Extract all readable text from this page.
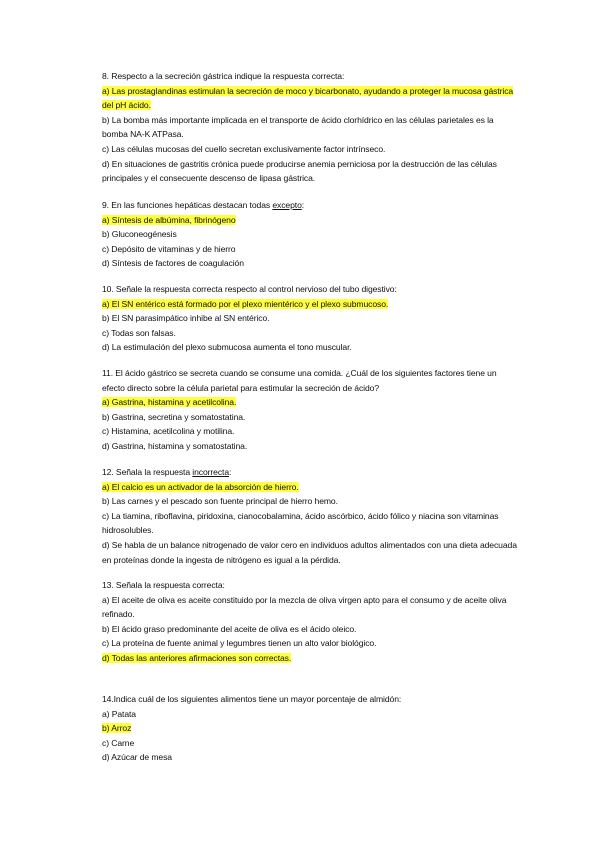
8. Respecto a la secreción gástrica indique la respuesta correcta:

a) Las prostaglandinas estimulan la secreción de moco y bicarbonato, ayudando a proteger la mucosa gástrica del pH ácido.

b) La bomba más importante implicada en el transporte de ácido clorhídrico en las células parietales es la bomba NA-K ATPasa.

c) Las células mucosas del cuello secretan exclusivamente factor intrínseco.

d) En situaciones de gastritis crónica puede producirse anemia perniciosa por la destrucción de las células principales y el consecuente descenso de lipasa gástrica.

9. En las funciones hepáticas destacan todas excepto:

a) Síntesis de albúmina, fibrinógeno

b) Gluconeogénesis

c) Depósito de vitaminas y de hierro

d) Síntesis de factores de coagulación

10. Señale la respuesta correcta respecto al control nervioso del tubo digestivo:

a) El SN entérico está formado por el plexo mientérico y el plexo submucoso.

b) El SN parasimpático inhibe al SN entérico.

c) Todas son falsas.

d) La estimulación del plexo submucosa aumenta el tono muscular.

11. El ácido gástrico se secreta cuando se consume una comida. ¿Cuál de los siguientes factores tiene un efecto directo sobre la célula parietal para estimular la secreción de ácido?

a) Gastrina, histamina y acetilcolina.

b) Gastrina, secretina y somatostatina.

c) Histamina, acetilcolina y motilina.

d) Gastrina, histamina y somatostatina.

12. Señala la respuesta incorrecta:

a) El calcio es un activador de la absorción de hierro.

b) Las carnes y el pescado son fuente principal de hierro hemo.

c) La tiamina, riboflavina, piridoxina, cianocobalamina, ácido ascórbico, ácido fólico y niacina son vitaminas hidrosolubles.

d) Se habla de un balance nitrogenado de valor cero en individuos adultos alimentados con una dieta adecuada en proteínas donde la ingesta de nitrógeno es igual a la pérdida.

13. Señala la respuesta correcta:

a) El aceite de oliva es aceite constituido por la mezcla de oliva virgen apto para el consumo y de aceite oliva refinado.

b) El ácido graso predominante del aceite de oliva es el ácido oleico.

c) La proteína de fuente animal y legumbres tienen un alto valor biológico.

d) Todas las anteriores afirmaciones son correctas.

14.Indica cuál de los siguientes alimentos tiene un mayor porcentaje de almidón:

a) Patata

b) Arroz

c) Carne

d) Azúcar de mesa
